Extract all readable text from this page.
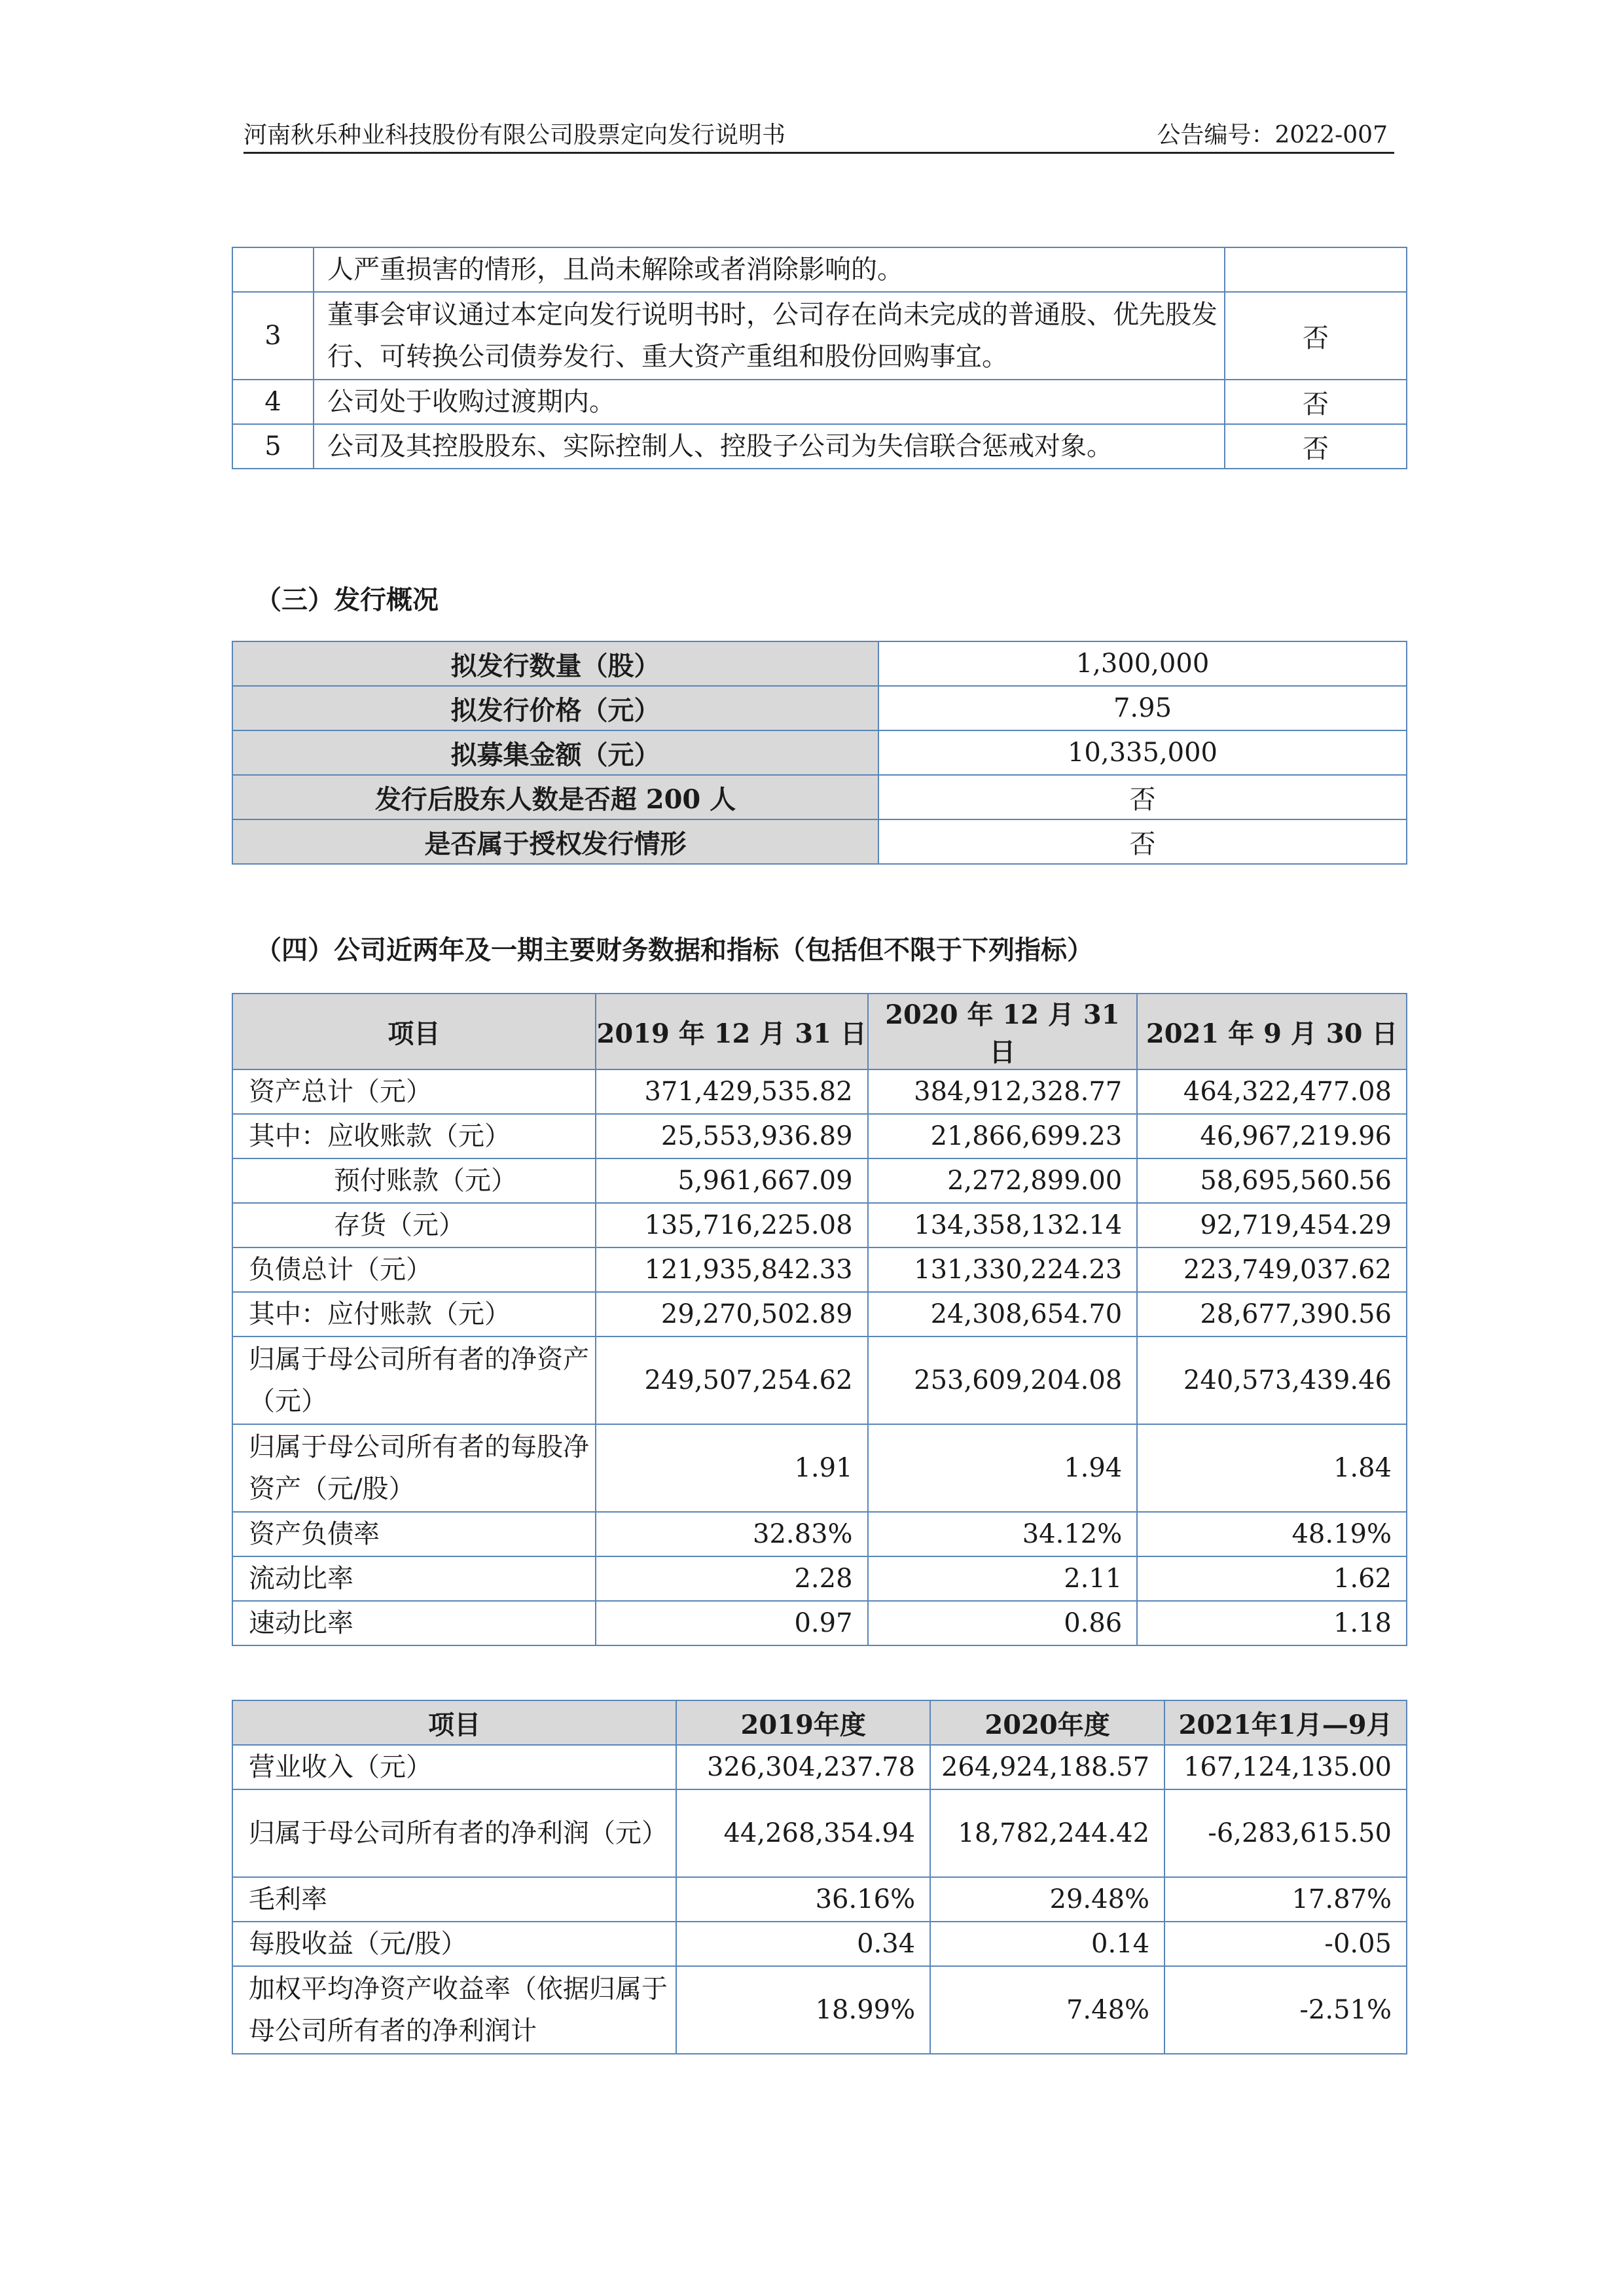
河南秋乐种业科技股份有限公司股票定向发行说明书	公告编号：2022-007
	人严重损害的情形，且尚未解除或者消除影响的。	
3	董事会审议通过本定向发行说明书时，公司存在尚未完成的普通股、优先股发行、可转换公司债券发行、重大资产重组和股份回购事宜。	否
4	公司处于收购过渡期内。	否
5	公司及其控股股东、实际控制人、控股子公司为失信联合惩戒对象。	否
（三）发行概况
拟发行数量（股）	1,300,000
拟发行价格（元）	7.95
拟募集金额（元）	10,335,000
发行后股东人数是否超 200 人	否
是否属于授权发行情形	否
（四）公司近两年及一期主要财务数据和指标（包括但不限于下列指标）
项目	2019 年 12 月 31 日	2020 年 12 月 31 日	2021 年 9 月 30 日
资产总计（元）	371,429,535.82	384,912,328.77	464,322,477.08
其中：应收账款（元）	25,553,936.89	21,866,699.23	46,967,219.96
预付账款（元）	5,961,667.09	2,272,899.00	58,695,560.56
存货（元）	135,716,225.08	134,358,132.14	92,719,454.29
负债总计（元）	121,935,842.33	131,330,224.23	223,749,037.62
其中：应付账款（元）	29,270,502.89	24,308,654.70	28,677,390.56
归属于母公司所有者的净资产（元）	249,507,254.62	253,609,204.08	240,573,439.46
归属于母公司所有者的每股净资产（元/股）	1.91	1.94	1.84
资产负债率	32.83%	34.12%	48.19%
流动比率	2.28	2.11	1.62
速动比率	0.97	0.86	1.18
项目	2019年度	2020年度	2021年1月—9月
营业收入（元）	326,304,237.78	264,924,188.57	167,124,135.00
归属于母公司所有者的净利润（元）	44,268,354.94	18,782,244.42	-6,283,615.50
毛利率	36.16%	29.48%	17.87%
每股收益（元/股）	0.34	0.14	-0.05
加权平均净资产收益率（依据归属于母公司所有者的净利润计	18.99%	7.48%	-2.51%
